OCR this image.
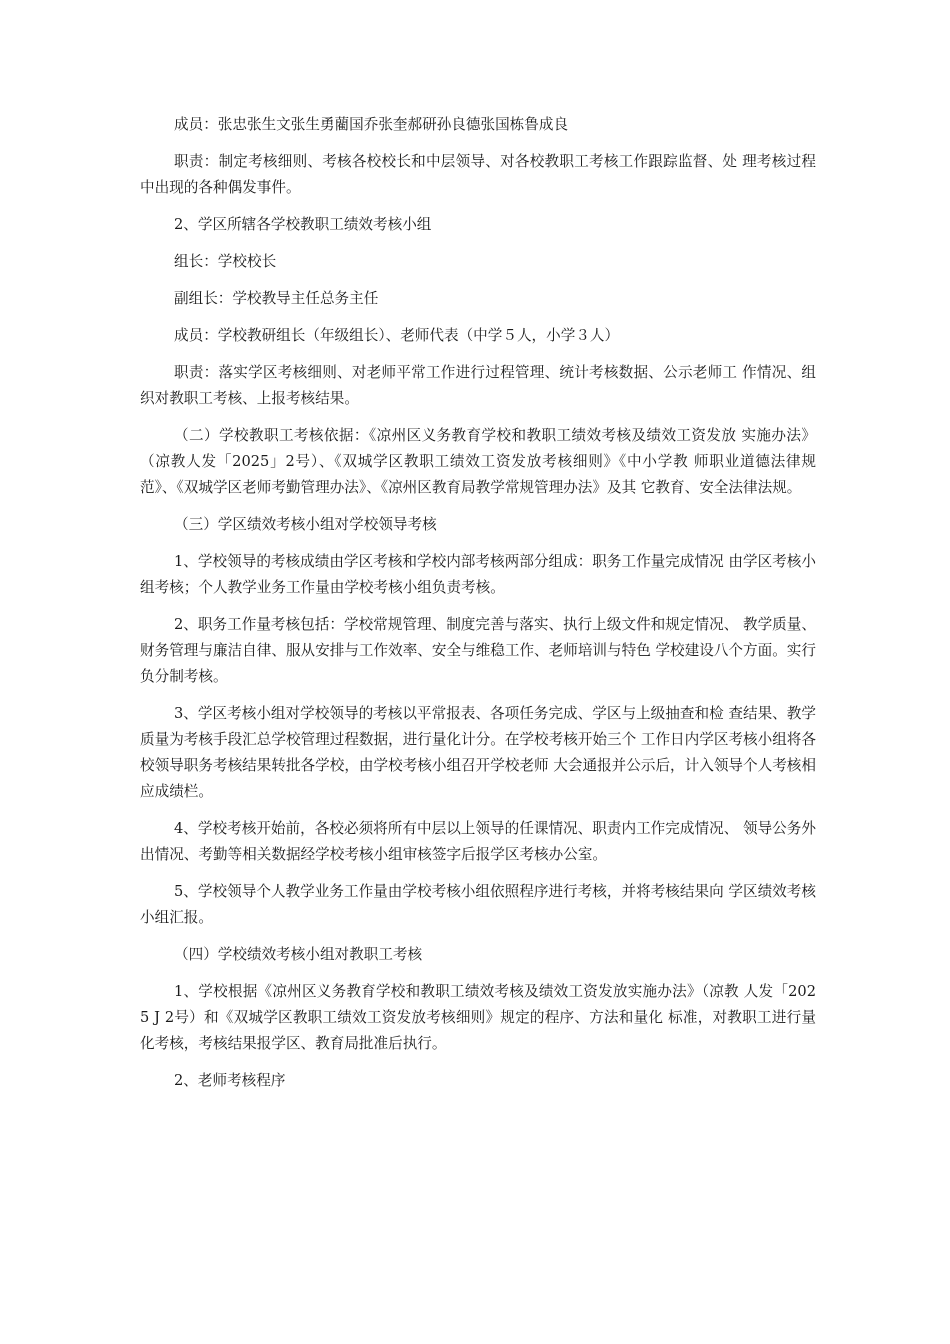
成员：张忠张生文张生勇藺国乔张奎郝研孙良德张国栋鲁成良

职责：制定考核细则、考核各校校长和中层领导、对各校教职工考核工作跟踪监督、处 理考核过程中出现的各种偶发事件。

2、学区所辖各学校教职工绩效考核小组

组长：学校校长

副组长：学校教导主任总务主任

成员：学校教研组长（年级组长）、老师代表（中学５人，小学３人）

职责：落实学区考核细则、对老师平常工作进行过程管理、统计考核数据、公示老师工 作情况、组织对教职工考核、上报考核结果。

（二）学校教职工考核依据：《凉州区义务教育学校和教职工绩效考核及绩效工资发放 实施办法》（凉教人发「2025」2号）、《双城学区教职工绩效工资发放考核细则》《中小学教 师职业道德法律规范》、《双城学区老师考勤管理办法》、《凉州区教育局教学常规管理办法》及其 它教育、安全法律法规。

（三）学区绩效考核小组对学校领导考核

1、学校领导的考核成绩由学区考核和学校内部考核两部分组成：职务工作量完成情况 由学区考核小组考核；个人教学业务工作量由学校考核小组负责考核。

2、职务工作量考核包括：学校常规管理、制度完善与落实、执行上级文件和规定情况、 教学质量、财务管理与廉洁自律、服从安排与工作效率、安全与维稳工作、老师培训与特色 学校建设八个方面。实行负分制考核。

3、学区考核小组对学校领导的考核以平常报表、各项任务完成、学区与上级抽查和检 查结果、教学质量为考核手段汇总学校管理过程数据，进行量化计分。在学校考核开始三个 工作日内学区考核小组将各校领导职务考核结果转批各学校，由学校考核小组召开学校老师 大会通报并公示后，计入领导个人考核相应成绩栏。

4、学校考核开始前，各校必须将所有中层以上领导的任课情况、职责内工作完成情况、 领导公务外出情况、考勤等相关数据经学校考核小组审核签字后报学区考核办公室。

5、学校领导个人教学业务工作量由学校考核小组依照程序进行考核，并将考核结果向 学区绩效考核小组汇报。

（四）学校绩效考核小组对教职工考核

1、学校根据《凉州区义务教育学校和教职工绩效考核及绩效工资发放实施办法》（凉教 人发「2025 J 2号）和《双城学区教职工绩效工资发放考核细则》规定的程序、方法和量化 标准，对教职工进行量化考核，考核结果报学区、教育局批准后执行。

2、老师考核程序
